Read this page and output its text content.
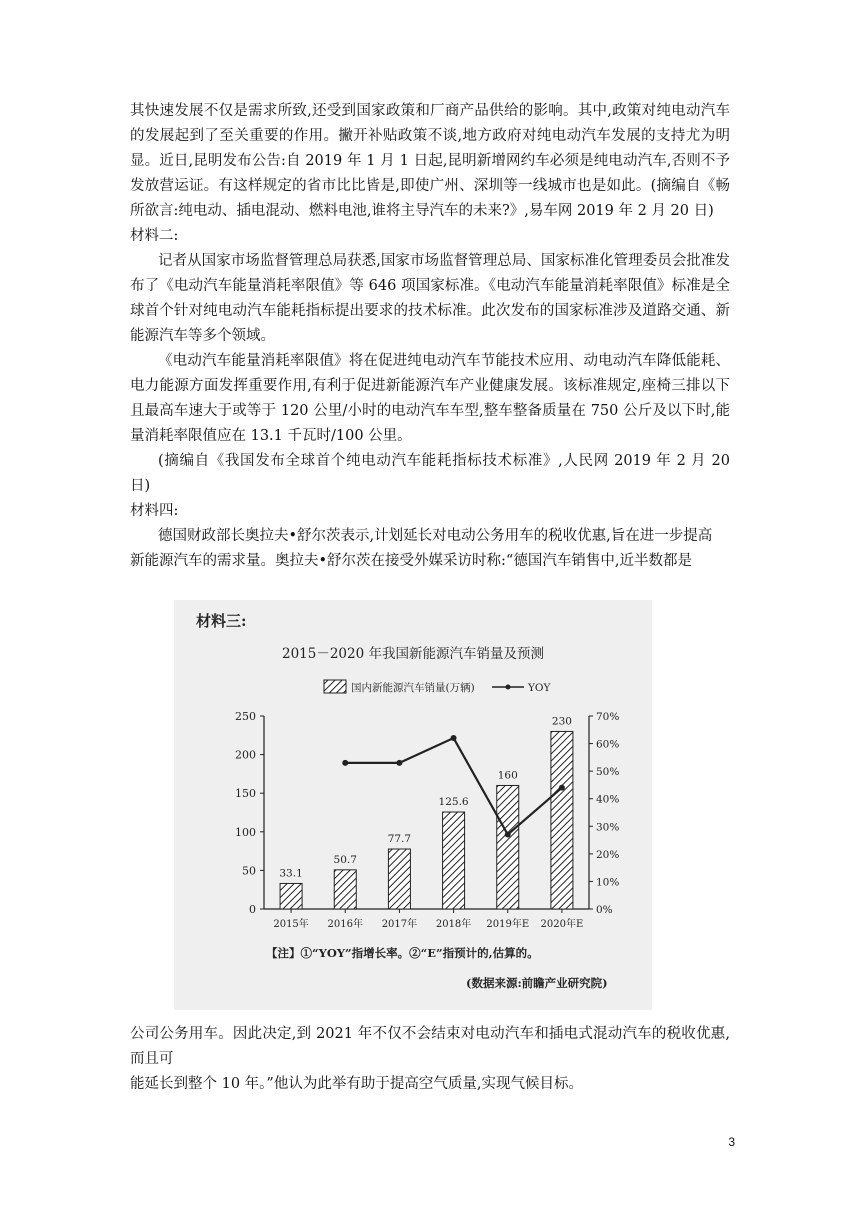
其快速发展不仅是需求所致,还受到国家政策和厂商产品供给的影响。其中,政策对纯电动汽车的发展起到了至关重要的作用。撇开补贴政策不谈,地方政府对纯电动汽车发展的支持尤为明显。近日,昆明发布公告:自 2019 年 1 月 1 日起,昆明新增网约车必须是纯电动汽车,否则不予发放营运证。有这样规定的省市比比皆是,即使广州、深圳等一线城市也是如此。(摘编自《畅所欲言:纯电动、插电混动、燃料电池,谁将主导汽车的未来?》,易车网 2019 年 2 月 20 日)

材料二:

记者从国家市场监督管理总局获悉,国家市场监督管理总局、国家标准化管理委员会批准发布了《电动汽车能量消耗率限值》等 646 项国家标准。《电动汽车能量消耗率限值》标准是全球首个针对纯电动汽车能耗指标提出要求的技术标准。此次发布的国家标准涉及道路交通、新能源汽车等多个领域。

《电动汽车能量消耗率限值》将在促进纯电动汽车节能技术应用、动电动汽车降低能耗、电力能源方面发挥重要作用,有利于促进新能源汽车产业健康发展。该标准规定,座椅三排以下且最高车速大于或等于 120 公里/小时的电动汽车车型,整车整备质量在 750 公斤及以下时,能量消耗率限值应在 13.1 千瓦时/100 公里。

(摘编自《我国发布全球首个纯电动汽车能耗指标技术标准》,人民网 2019 年 2 月 20 日)

材料四:

德国财政部长奥拉夫•舒尔茨表示,计划延长对电动公务用车的税收优惠,旨在进一步提高

新能源汽车的需求量。奥拉夫•舒尔茨在接受外媒采访时称:“德国汽车销售中,近半数都是

材料三:
2015－2020 年我国新能源汽车销量及预测
国内新能源汽车销量(万辆)	YOY
0
50
100
150
200
250
0%
10%
20%
30%
40%
50%
60%
70%
2015年
33.1
2016年
50.7
2017年
77.7
2018年
125.6
2019年E
160
2020年E
230
【注】①“YOY”指增长率。②“E”指预计的,估算的。
(数据来源:前瞻产业研究院)

公司公务用车。因此决定,到 2021 年不仅不会结束对电动汽车和插电式混动汽车的税收优惠,而且可

能延长到整个 10 年。”他认为此举有助于提高空气质量,实现气候目标。

3
